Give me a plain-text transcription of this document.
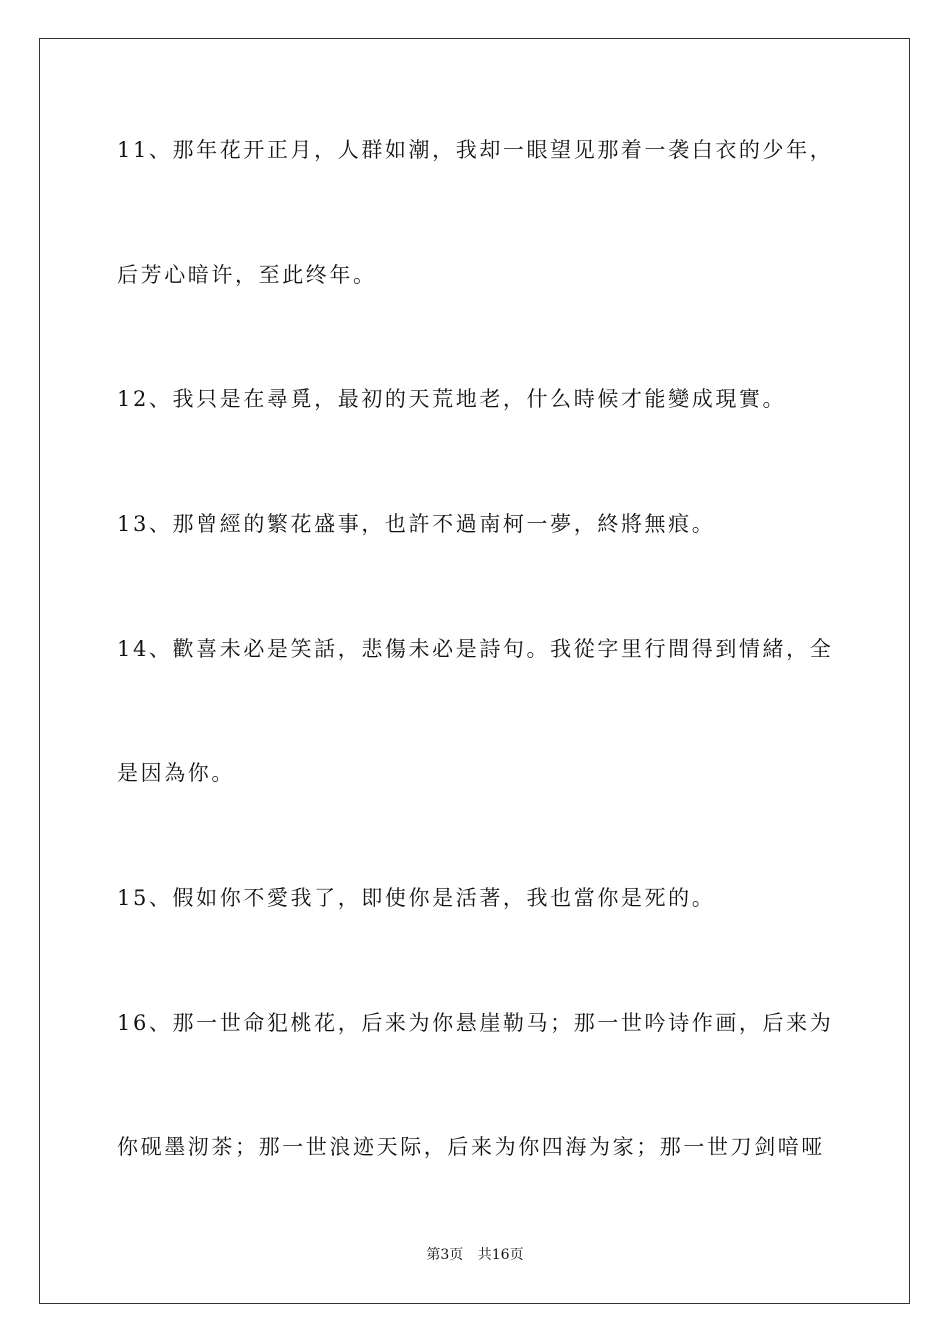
11、那年花开正月，人群如潮，我却一眼望见那着一袭白衣的少年，
后芳心暗许，至此终年。
12、我只是在尋覓，最初的天荒地老，什么時候才能變成現實。
13、那曾經的繁花盛事，也許不過南柯一夢，終將無痕。
14、歡喜未必是笑話，悲傷未必是詩句。我從字里行間得到情緒，全
是因為你。
15、假如你不愛我了，即使你是活著，我也當你是死的。
16、那一世命犯桃花，后来为你悬崖勒马；那一世吟诗作画，后来为
你砚墨沏茶；那一世浪迹天际，后来为你四海为家；那一世刀剑喑哑
第3页 共16页
